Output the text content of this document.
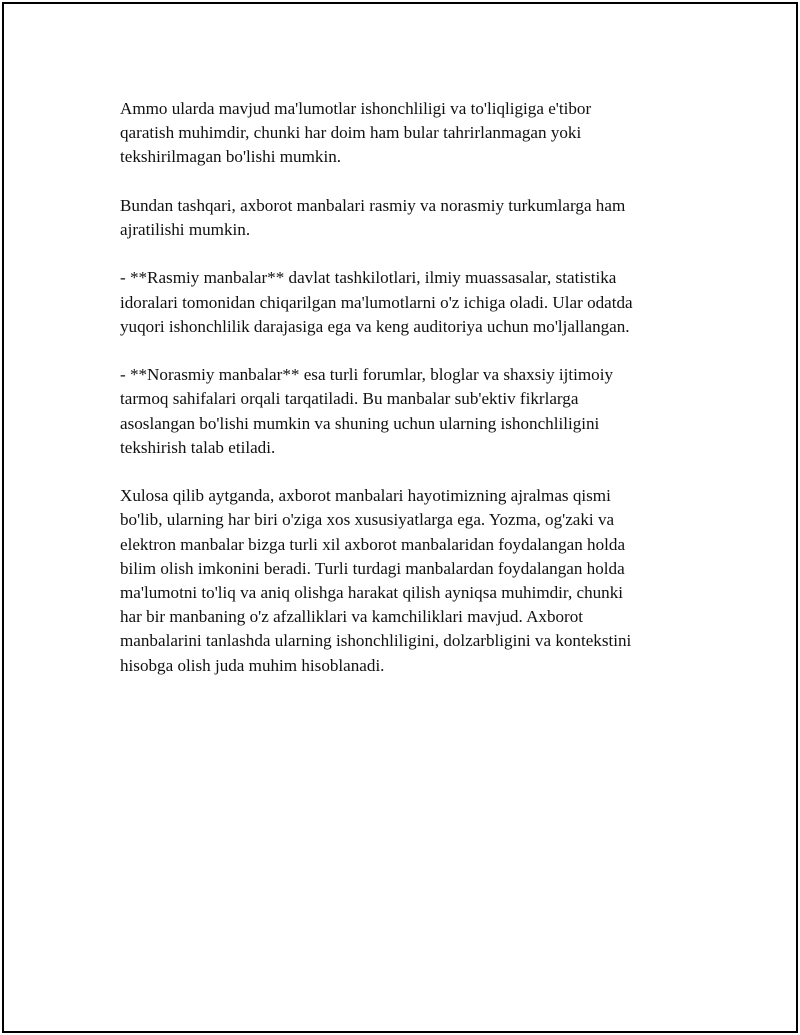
Ammo ularda mavjud ma'lumotlar ishonchliligi va to'liqligiga e'tibor
qaratish muhimdir, chunki har doim ham bular tahrirlanmagan yoki
tekshirilmagan bo'lishi mumkin.

Bundan tashqari, axborot manbalari rasmiy va norasmiy turkumlarga ham
ajratilishi mumkin.

- **Rasmiy manbalar** davlat tashkilotlari, ilmiy muassasalar, statistika
idoralari tomonidan chiqarilgan ma'lumotlarni o'z ichiga oladi. Ular odatda
yuqori ishonchlilik darajasiga ega va keng auditoriya uchun mo'ljallangan.

- **Norasmiy manbalar** esa turli forumlar, bloglar va shaxsiy ijtimoiy
tarmoq sahifalari orqali tarqatiladi. Bu manbalar sub'ektiv fikrlarga
asoslangan bo'lishi mumkin va shuning uchun ularning ishonchliligini
tekshirish talab etiladi.

Xulosa qilib aytganda, axborot manbalari hayotimizning ajralmas qismi
bo'lib, ularning har biri o'ziga xos xususiyatlarga ega. Yozma, og'zaki va
elektron manbalar bizga turli xil axborot manbalaridan foydalangan holda
bilim olish imkonini beradi. Turli turdagi manbalardan foydalangan holda
ma'lumotni to'liq va aniq olishga harakat qilish ayniqsa muhimdir, chunki
har bir manbaning o'z afzalliklari va kamchiliklari mavjud. Axborot
manbalarini tanlashda ularning ishonchliligini, dolzarbligini va kontekstini
hisobga olish juda muhim hisoblanadi.
